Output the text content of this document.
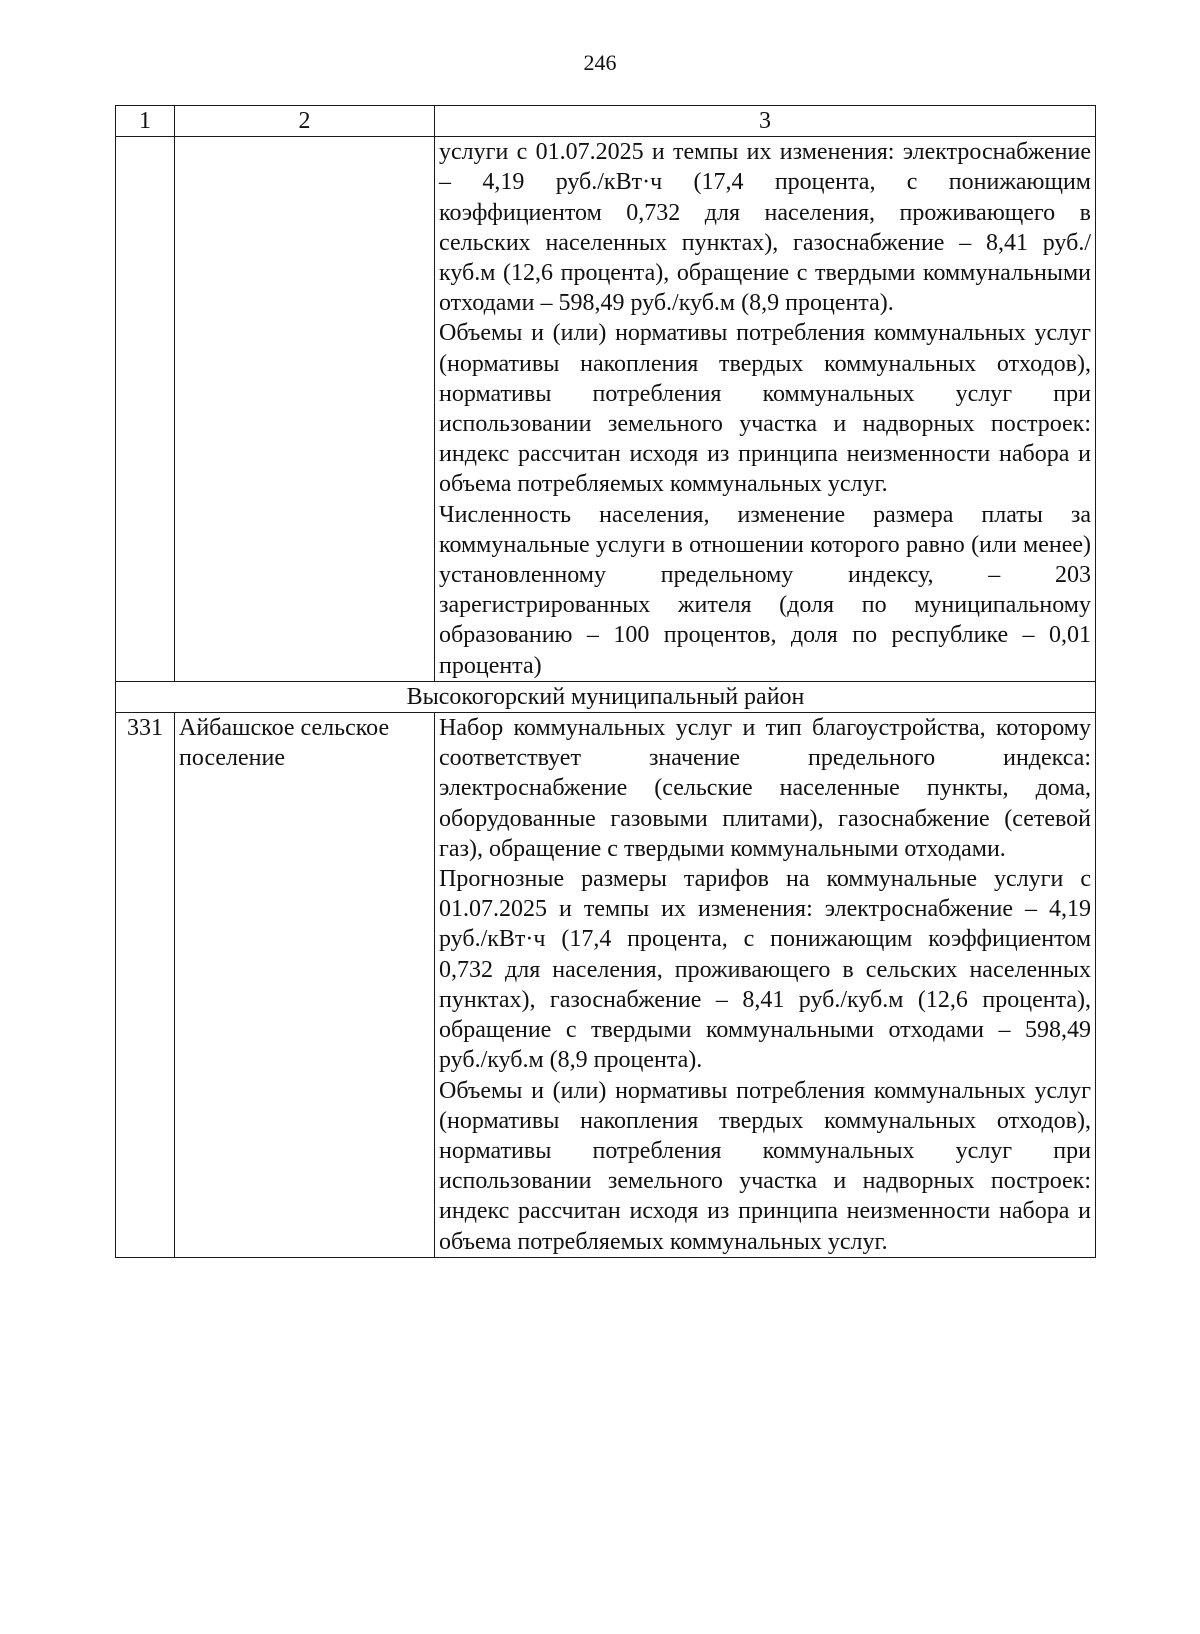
246
1	2	3

		услуги с 01.07.2025 и темпы их изменения: электроснабжение – 4,19 руб./кВт·ч (17,4 процента, с понижающим коэффициентом 0,732 для населения, проживающего в сельских населенных пунктах), газоснабжение – 8,41 руб./куб.м (12,6 процента), обращение с твердыми коммунальными отходами – 598,49 руб./куб.м (8,9 процента).

Объемы и (или) нормативы потребления коммунальных услуг (нормативы накопления твердых коммунальных отходов), нормативы потребления коммунальных услуг при использовании земельного участка и надворных построек: индекс рассчитан исходя из принципа неизменности набора и объема потребляемых коммунальных услуг.

Численность населения, изменение размера платы за коммунальные услуги в отношении которого равно (или менее) установленному предельному индексу, – 203 зарегистрированных жителя (доля по муниципальному образованию – 100 процентов, доля по республике – 0,01 процента)

Высокогорский муниципальный район		
331	Айбашское сельское поселение	Набор коммунальных услуг и тип благоустройства, которому соответствует значение предельного индекса: электроснабжение (сельские населенные пункты, дома, оборудованные газовыми плитами), газоснабжение (сетевой газ), обращение с твердыми коммунальными отходами.

Прогнозные размеры тарифов на коммунальные услуги с 01.07.2025 и темпы их изменения: электроснабжение – 4,19 руб./кВт·ч (17,4 процента, с понижающим коэффициентом 0,732 для населения, проживающего в сельских населенных пунктах), газоснабжение – 8,41 руб./куб.м (12,6 процента), обращение с твердыми коммунальными отходами – 598,49 руб./куб.м (8,9 процента).

Объемы и (или) нормативы потребления коммунальных услуг (нормативы накопления твердых коммунальных отходов), нормативы потребления коммунальных услуг при использовании земельного участка и надворных построек: индекс рассчитан исходя из принципа неизменности набора и объема потребляемых коммунальных услуг.
